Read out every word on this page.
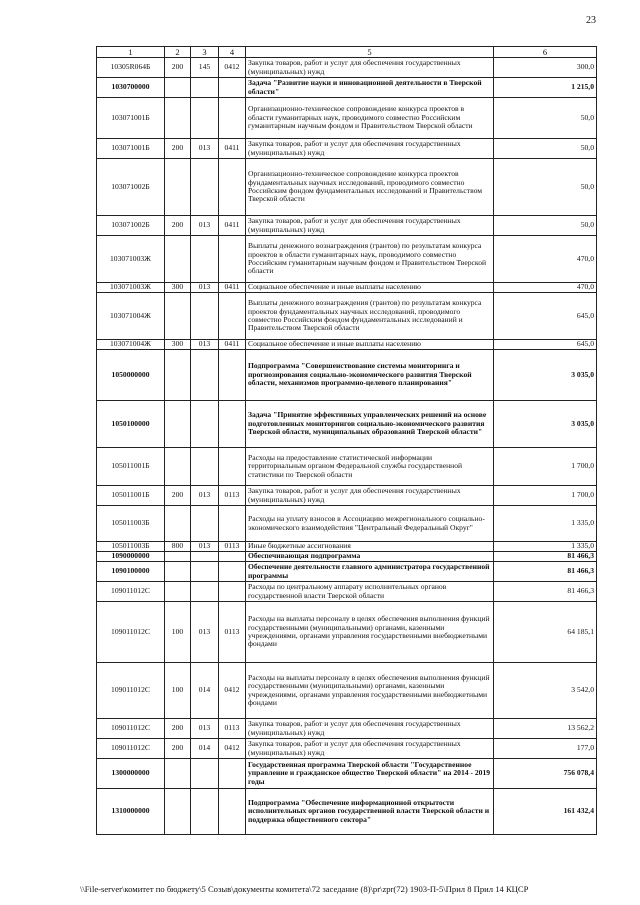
23
1	2	3	4	5	6
10305R064Б	200	145	0412	Закупка товаров, работ и услуг для обеспечения государственных (муниципальных) нужд	300,0
1030700000				Задача "Развитие науки и инновационной деятельности в Тверской области"	1 215,0
103071001Б				Организационно-техническое сопровождение конкурса проектов в области гуманитарных наук, проводимого совместно Российским гуманитарным научным фондом и Правительством Тверской области	50,0
103071001Б	200	013	0411	Закупка товаров, работ и услуг для обеспечения государственных (муниципальных) нужд	50,0
103071002Б				Организационно-техническое сопровождение конкурса проектов фундаментальных научных исследований, проводимого совместно Российским фондом фундаментальных исследований и Правительством Тверской области	50,0
103071002Б	200	013	0411	Закупка товаров, работ и услуг для обеспечения государственных (муниципальных) нужд	50,0
103071003Ж				Выплаты денежного вознаграждения (грантов) по результатам конкурса проектов в области гуманитарных наук, проводимого совместно Российским гуманитарным научным фондом и Правительством Тверской области	470,0
103071003Ж	300	013	0411	Социальное обеспечение и иные выплаты населению	470,0
103071004Ж				Выплаты денежного вознаграждения (грантов) по результатам конкурса проектов фундаментальных научных исследований, проводимого совместно Российским фондом фундаментальных исследований и Правительством Тверской области	645,0
103071004Ж	300	013	0411	Социальное обеспечение и иные выплаты населению	645,0
1050000000				Подпрограмма "Совершенствование системы мониторинга и прогнозирования социально-экономического развития Тверской области, механизмов программно-целевого планирования"	3 035,0
1050100000				Задача "Принятие эффективных управленческих решений на основе подготовленных мониторингов социально-экономического развития Тверской области, муниципальных образований Тверской области"	3 035,0
105011001Б				Расходы на предоставление статистической информации территориальным органом Федеральной службы государственной статистики по Тверской области	1 700,0
105011001Б	200	013	0113	Закупка товаров, работ и услуг для обеспечения государственных (муниципальных) нужд	1 700,0
105011003Б				Расходы на уплату взносов в Ассоциацию межрегионального социально-экономического взаимодействия "Центральный Федеральный Округ"	1 335,0
105011003Б	800	013	0113	Иные бюджетные ассигнования	1 335,0
1090000000				Обеспечивающая подпрограмма	81 466,3
1090100000				Обеспечение деятельности главного администратора государственной программы	81 466,3
109011012С				Расходы по центральному аппарату исполнительных органов государственной власти Тверской области	81 466,3
109011012С	100	013	0113	Расходы на выплаты персоналу в целях обеспечения выполнения функций государственными (муниципальными) органами, казенными учреждениями, органами управления государственными внебюджетными фондами	64 185,1
109011012С	100	014	0412	Расходы на выплаты персоналу в целях обеспечения выполнения функций государственными (муниципальными) органами, казенными учреждениями, органами управления государственными внебюджетными фондами	3 542,0
109011012С	200	013	0113	Закупка товаров, работ и услуг для обеспечения государственных (муниципальных) нужд	13 562,2
109011012С	200	014	0412	Закупка товаров, работ и услуг для обеспечения государственных (муниципальных) нужд	177,0
1300000000				Государственная программа Тверской области "Государственное управление и гражданское общество Тверской области" на 2014 - 2019 годы	756 078,4
1310000000				Подпрограмма "Обеспечение информационной открытости исполнительных органов государственной власти Тверской области и поддержка общественного сектора"	161 432,4
\\File-server\комитет по бюджету\5 Созыв\документы комитета\72 заседание (8)\pr\zpr(72) 1903-П-5\Прил 8 Прил 14 КЦСР
